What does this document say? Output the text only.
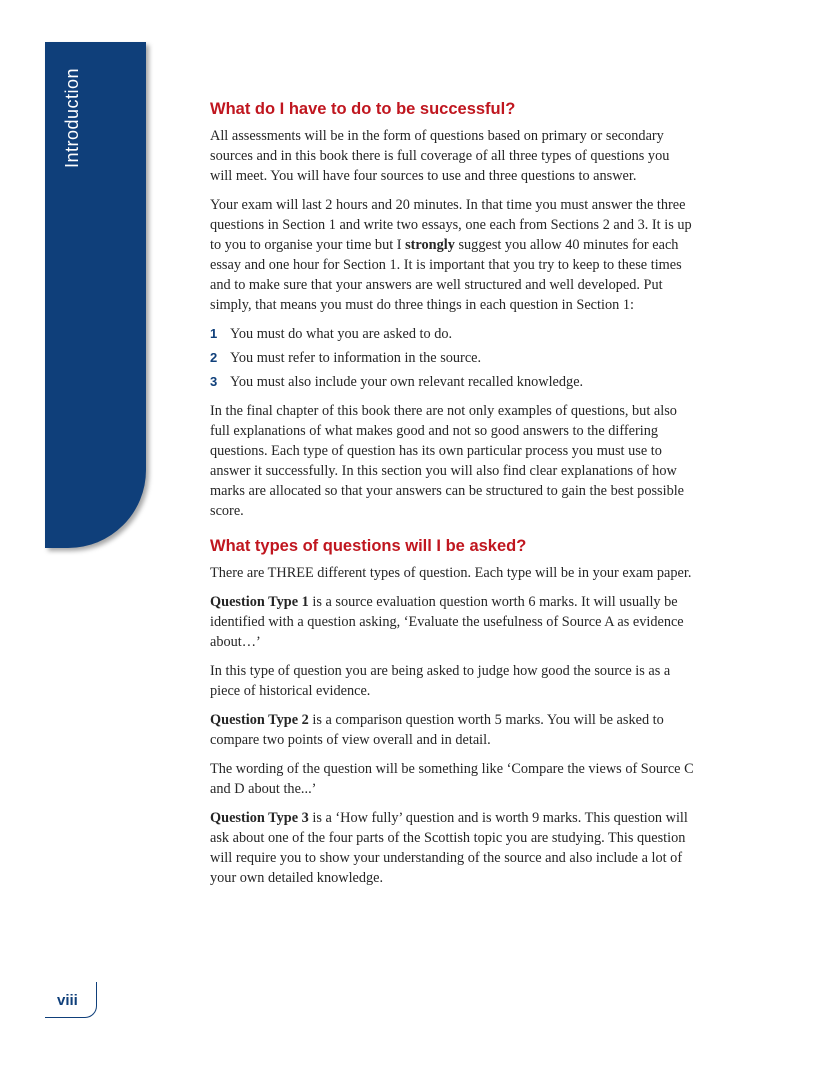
Introduction	What do I have to do to be successful?

All assessments will be in the form of questions based on primary or secondary sources and in this book there is full coverage of all three types of questions you will meet. You will have four sources to use and three questions to answer.

Your exam will last 2 hours and 20 minutes. In that time you must answer the three questions in Section 1 and write two essays, one each from Sections 2 and 3. It is up to you to organise your time but I strongly suggest you allow 40 minutes for each essay and one hour for Section 1. It is important that you try to keep to these times and to make sure that your answers are well structured and well developed. Put simply, that means you must do three things in each question in Section 1:

1 You must do what you are asked to do.
2 You must refer to information in the source.
3 You must also include your own relevant recalled knowledge.

In the final chapter of this book there are not only examples of questions, but also full explanations of what makes good and not so good answers to the differing questions. Each type of question has its own particular process you must use to answer it successfully. In this section you will also find clear explanations of how marks are allocated so that your answers can be structured to gain the best possible score.

What types of questions will I be asked?

There are THREE different types of question. Each type will be in your exam paper.

Question Type 1 is a source evaluation question worth 6 marks. It will usually be identified with a question asking, ‘Evaluate the usefulness of Source A as evidence about…’

In this type of question you are being asked to judge how good the source is as a piece of historical evidence.

Question Type 2 is a comparison question worth 5 marks. You will be asked to compare two points of view overall and in detail.

The wording of the question will be something like ‘Compare the views of Source C and D about the...’

Question Type 3 is a ‘How fully’ question and is worth 9 marks. This question will ask about one of the four parts of the Scottish topic you are studying. This question will require you to show your understanding of the source and also include a lot of your own detailed knowledge.

viii
